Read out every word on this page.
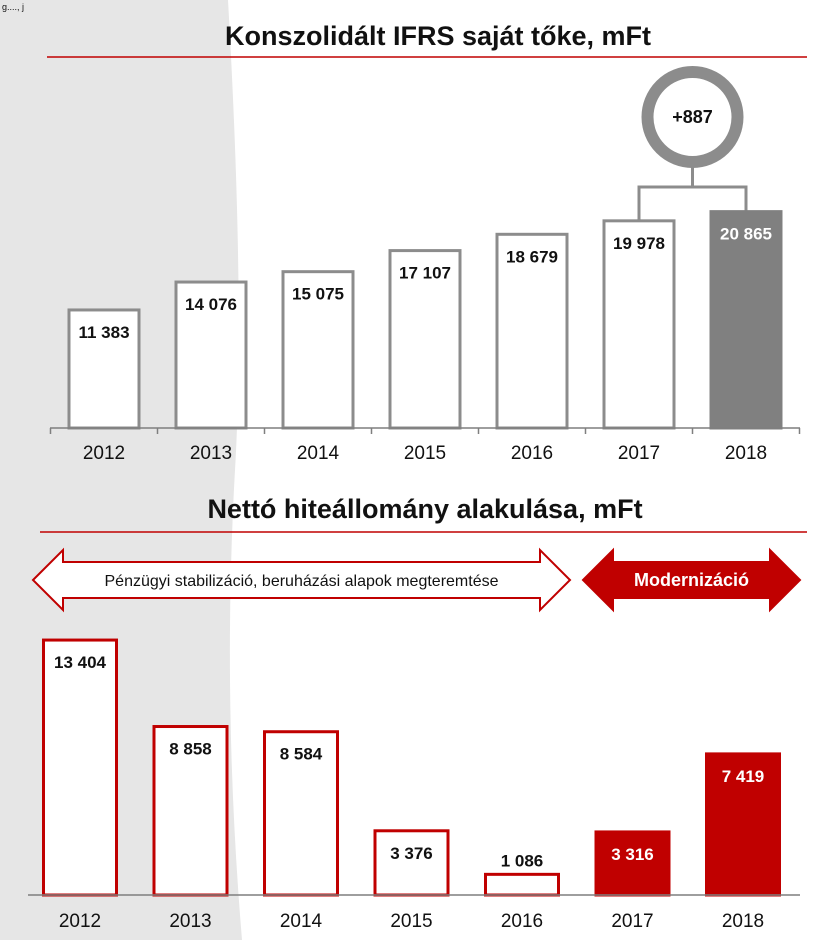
g...., j
Konszolidált IFRS saját tőke, mFt
+887
11 383
14 076
15 075
17 107
18 679
19 978	20 865
2012	2013	2014	2015	2016	2017	2018
Nettó hiteállomány alakulása, mFt
Pénzügyi stabilizáció, beruházási alapok megteremtése	Modernizáció
13 404
8 858	8 584
3 376	1 086	3 316
7 419
2012	2013	2014	2015	2016	2017	2018
